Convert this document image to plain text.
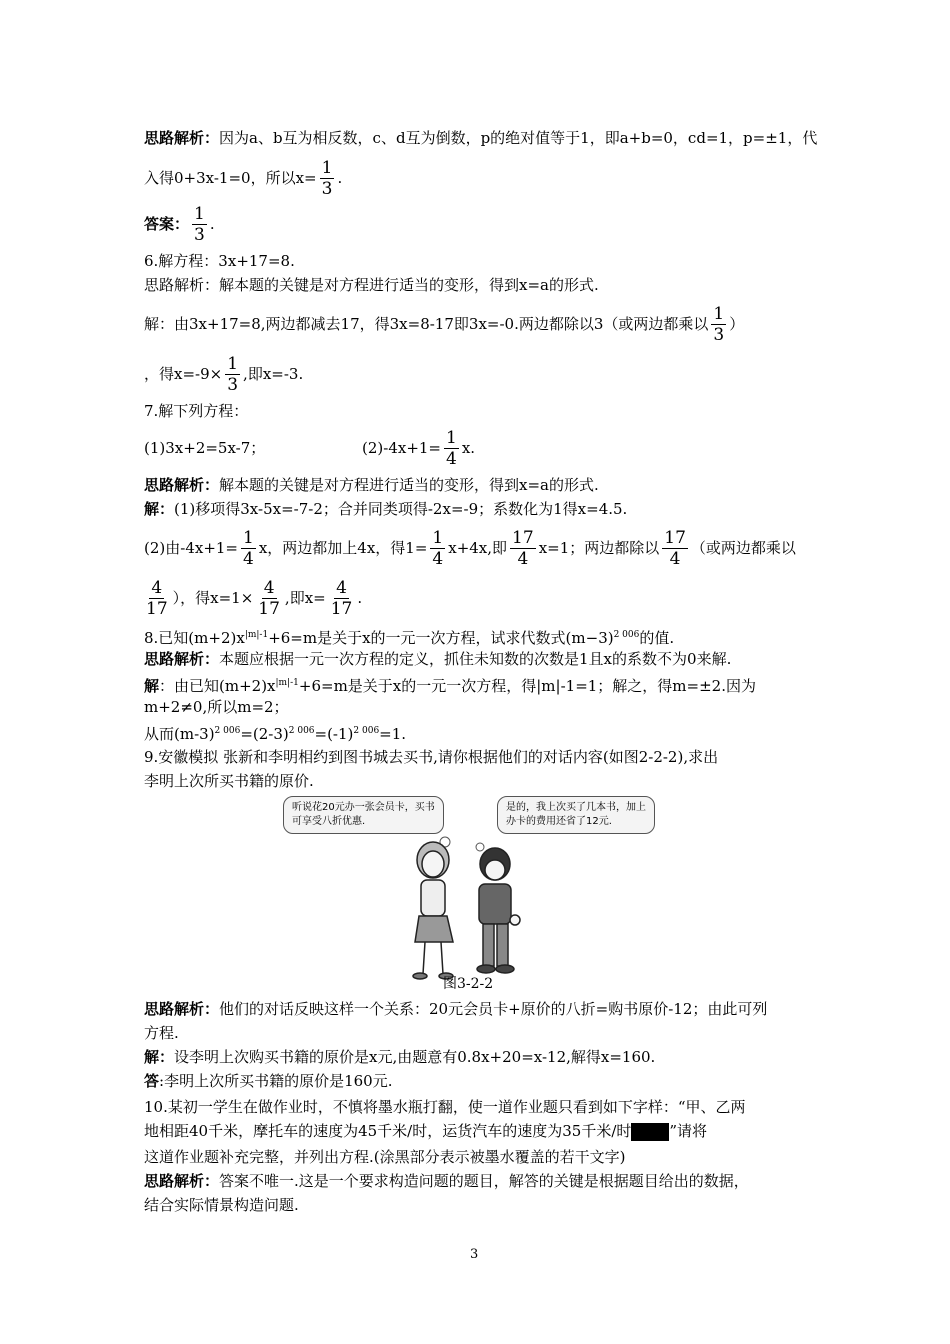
思路解析：因为a、b互为相反数，c、d互为倒数，p的绝对值等于1，即a+b=0，cd=1，p=±1，代
入得0+3x-1=0，所以$x= \frac{1}{3}$ .
答案： $\frac{1}{3}$ .
6.解方程：3x+17=8.
思路解析：解本题的关键是对方程进行适当的变形，得到x=a的形式.
解：由3x+17=8,两边都减去17，得3x=8-17即3x=-0.两边都除以3（或两边都乘以 $\frac{1}{3}$ ）
，得$x=-9\times \frac{1}{3}$ ,即x=-3.
7.解下列方程：
(1)3x+2=5x-7；	$(2)-4x+1= \frac{1}{4} x$.
思路解析：解本题的关键是对方程进行适当的变形，得到x=a的形式.
解：(1)移项得3x-5x=-7-2；合并同类项得-2x=-9；系数化为1得x=4.5.
(2)由$-4x+1= \frac{1}{4}$ x，两边都加上4x，得$1= \frac{1}{4} x+4x$,即 $\frac{17}{4} x=1$；两边都除以 $\frac{17}{4}$ （或两边都乘以
$\frac{4}{17}$ ），得$x=1\times \frac{4}{17}$ ,即$x= \frac{4}{17}$ .
8.已知$(m+2)x^{|m|-1}+6=m$是关于x的一元一次方程，试求代数式$(m-3)^{2 006}$的值.
思路解析：本题应根据一元一次方程的定义，抓住未知数的次数是1且x的系数不为0来解.
解：由已知$(m+2)x^{|m|-1}+6=m$是关于x的一元一次方程，得|m|-1=1；解之，得m=±2.因为
m+2≠0,所以m=2；
从而$(m-3)^{2 006}=(2-3)^{2 006}=(-1)^{2 006}=1$.
9.安徽模拟 张新和李明相约到图书城去买书,请你根据他们的对话内容(如图2-2-2),求出
李明上次所买书籍的原价.
听说花20元办一张会员卡，买书
可享受八折优惠.
是的，我上次买了几本书，加上
办卡的费用还省了12元.
图3-2-2
思路解析：他们的对话反映这样一个关系：20元会员卡+原价的八折=购书原价-12；由此可列
方程.
解：设李明上次购买书籍的原价是x元,由题意有0.8x+20=x-12,解得x=160.
答:李明上次所买书籍的原价是160元.
10.某初一学生在做作业时，不慎将墨水瓶打翻，使一道作业题只看到如下字样：“甲、乙两
地相距40千米，摩托车的速度为45千米/时，运货汽车的速度为35千米/时	”请将
这道作业题补充完整，并列出方程.(涂黑部分表示被墨水覆盖的若干文字)
思路解析：答案不唯一.这是一个要求构造问题的题目，解答的关键是根据题目给出的数据，
结合实际情景构造问题.
3
